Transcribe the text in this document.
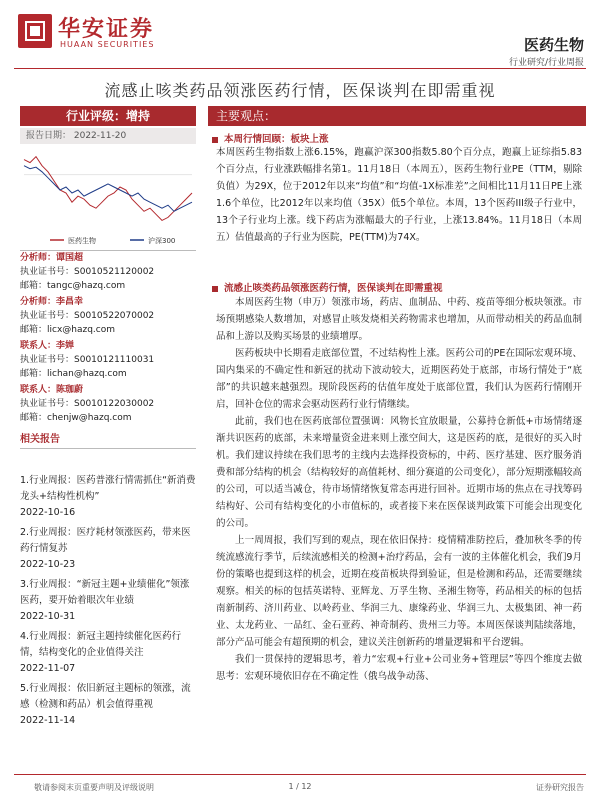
华安证券
HUAAN SECURITIES	医药生物
行业研究/行业周报
流感止咳类药品领涨医药行情，医保谈判在即需重视
行业评级：增持
报告日期： 2022-11-20
医药生物	沪深300
分析师：谭国超
执业证书号：S0010521120002
邮箱：tangc@hazq.com
分析师：李昌幸
执业证书号：S0010522070002
邮箱：licx@hazq.com
联系人：李婵
执业证书号：S0010121110031
邮箱：lichan@hazq.com
联系人：陈珈蔚
执业证书号：S0010122030002
邮箱：chenjw@hazq.com
相关报告
1.行业周报：医药普涨行情需抓住“新消费龙头+结构性机构”
2022-10-16
2.行业周报：医疗耗材领涨医药，带来医药行情复苏
2022-10-23
3.行业周报：“新冠主题+业绩催化”领涨医药，要开始着眼次年业绩
2022-10-31
4.行业周报：新冠主题持续催化医药行情，结构变化的企业值得关注
2022-11-07
5.行业周报：依旧新冠主题标的领涨，流感（检测和药品）机会值得重视
2022-11-14
主要观点：
本周行情回顾：板块上涨

本周医药生物指数上涨6.15%，跑赢沪深300指数5.80个百分点，跑赢上证综指5.83个百分点，行业涨跌幅排名第1。11月18日（本周五），医药生物行业PE（TTM，剔除负值）为29X，位于2012年以来“均值”和“均值-1X标准差”之间相比11月11日PE上涨1.6个单位，比2012年以来均值（35X）低5个单位。本周，13个医药III级子行业中，13个子行业均上涨。线下药店为涨幅最大的子行业，上涨13.84%。11月18日（本周五）估值最高的子行业为医院，PE(TTM)为74X。

流感止咳类药品领涨医药行情，医保谈判在即需重视

本周医药生物（申万）领涨市场，药店、血制品、中药、疫苗等细分板块领涨。市场预期感染人数增加，对感冒止咳发烧相关药物需求也增加，从而带动相关的药品血制品和上游以及购买场景的业绩增厚。

医药板块中长期看走底部位置，不过结构性上涨。医药公司的PE在国际宏观环境、国内集采的不确定性和新冠的扰动下波动较大，近期医药处于底部，市场行情处于“底部”的共识越来越强烈。现阶段医药的估值年度处于底部位置，我们认为医药行情刚开启，回补仓位的需求会驱动医药行业行情继续。

此前，我们也在医药底部位置强调：风物长宜放眼量，公募持仓新低+市场情绪逐渐共识医药的底部，未来增量资金进来则上涨空间大，这是医药的底，是很好的买入时机。我们建议持续在我们思考的主线内去选择投资标的，中药、医疗基建、医疗服务消费和部分结构的机会（结构较好的高值耗材、细分赛道的公司变化），部分短期涨幅较高的公司，可以适当减仓，待市场情绪恢复常态再进行回补。近期市场的焦点在寻找筹码结构好、公司有结构变化的小市值标的，或者接下来在医保谈判政策下可能会出现变化的公司。

上一周周报，我们写到的观点，现在依旧保持：疫情精准防控后，叠加秋冬季的传统流感流行季节，后续流感相关的检测+治疗药品，会有一波的主体催化机会，我们9月份的策略也提到这样的机会，近期在疫苗板块得到验证，但是检测和药品，还需要继续观察。相关的标的包括英诺特、亚辉龙、万孚生物、圣湘生物等，药品相关的标的包括南新制药、济川药业、以岭药业、华润三九、康缘药业、华润三九、太极集团、神一药业、太龙药业、一品红、金石亚药、神奇制药、贵州三力等。本周医保谈判陆续落地，部分产品可能会有超预期的机会，建议关注创新药的增量逻辑和平台逻辑。

我们一贯保持的逻辑思考，着力“宏观+行业+公司业务+管理层”等四个维度去做思考：宏观环境依旧存在不确定性（俄乌战争动荡、

敬请参阅末页重要声明及评级说明	1 / 12	证券研究报告
